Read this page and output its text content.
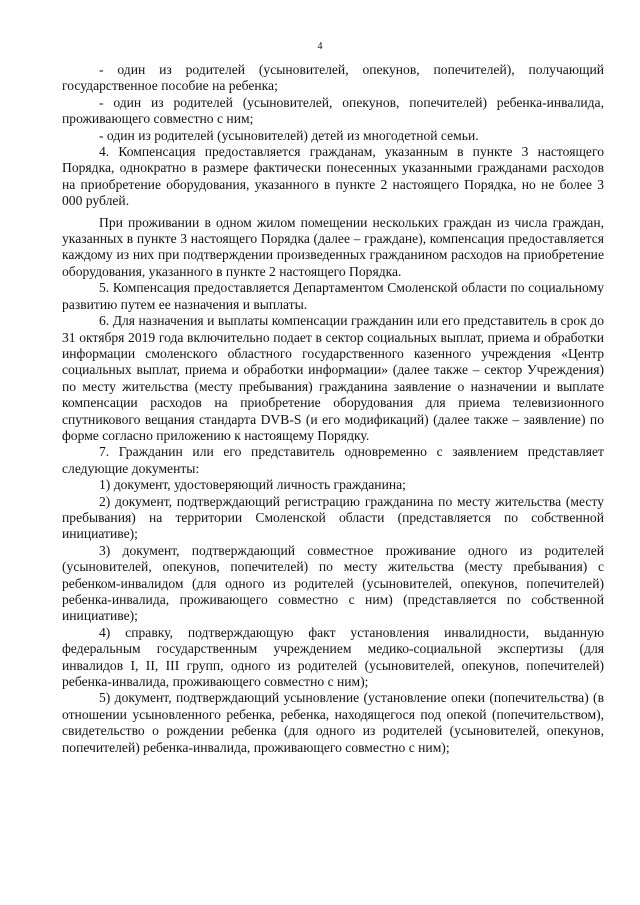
4

- один из родителей (усыновителей, опекунов, попечителей), получающий государственное пособие на ребенка;

- один из родителей (усыновителей, опекунов, попечителей) ребенка-инвалида, проживающего совместно с ним;

- один из родителей (усыновителей) детей из многодетной семьи.

4. Компенсация предоставляется гражданам, указанным в пункте 3 настоящего Порядка, однократно в размере фактически понесенных указанными гражданами расходов на приобретение оборудования, указанного в пункте 2 настоящего Порядка, но не более 3 000 рублей.

При проживании в одном жилом помещении нескольких граждан из числа граждан, указанных в пункте 3 настоящего Порядка (далее – граждане), компенсация предоставляется каждому из них при подтверждении произведенных гражданином расходов на приобретение оборудования, указанного в пункте 2 настоящего Порядка.

5. Компенсация предоставляется Департаментом Смоленской области по социальному развитию путем ее назначения и выплаты.

6. Для назначения и выплаты компенсации гражданин или его представитель в срок до 31 октября 2019 года включительно подает в сектор социальных выплат, приема и обработки информации смоленского областного государственного казенного учреждения «Центр социальных выплат, приема и обработки информации» (далее также – сектор Учреждения) по месту жительства (месту пребывания) гражданина заявление о назначении и выплате компенсации расходов на приобретение оборудования для приема телевизионного спутникового вещания стандарта DVB-S (и его модификаций) (далее также – заявление) по форме согласно приложению к настоящему Порядку.

7. Гражданин или его представитель одновременно с заявлением представляет следующие документы:

1) документ, удостоверяющий личность гражданина;

2) документ, подтверждающий регистрацию гражданина по месту жительства (месту пребывания) на территории Смоленской области (представляется по собственной инициативе);

3) документ, подтверждающий совместное проживание одного из родителей (усыновителей, опекунов, попечителей) по месту жительства (месту пребывания) с ребенком-инвалидом (для одного из родителей (усыновителей, опекунов, попечителей) ребенка-инвалида, проживающего совместно с ним) (представляется по собственной инициативе);

4) справку, подтверждающую факт установления инвалидности, выданную федеральным государственным учреждением медико-социальной экспертизы (для инвалидов I, II, III групп, одного из родителей (усыновителей, опекунов, попечителей) ребенка-инвалида, проживающего совместно с ним);

5) документ, подтверждающий усыновление (установление опеки (попечительства) (в отношении усыновленного ребенка, ребенка, находящегося под опекой (попечительством), свидетельство о рождении ребенка (для одного из родителей (усыновителей, опекунов, попечителей) ребенка-инвалида, проживающего совместно с ним);
